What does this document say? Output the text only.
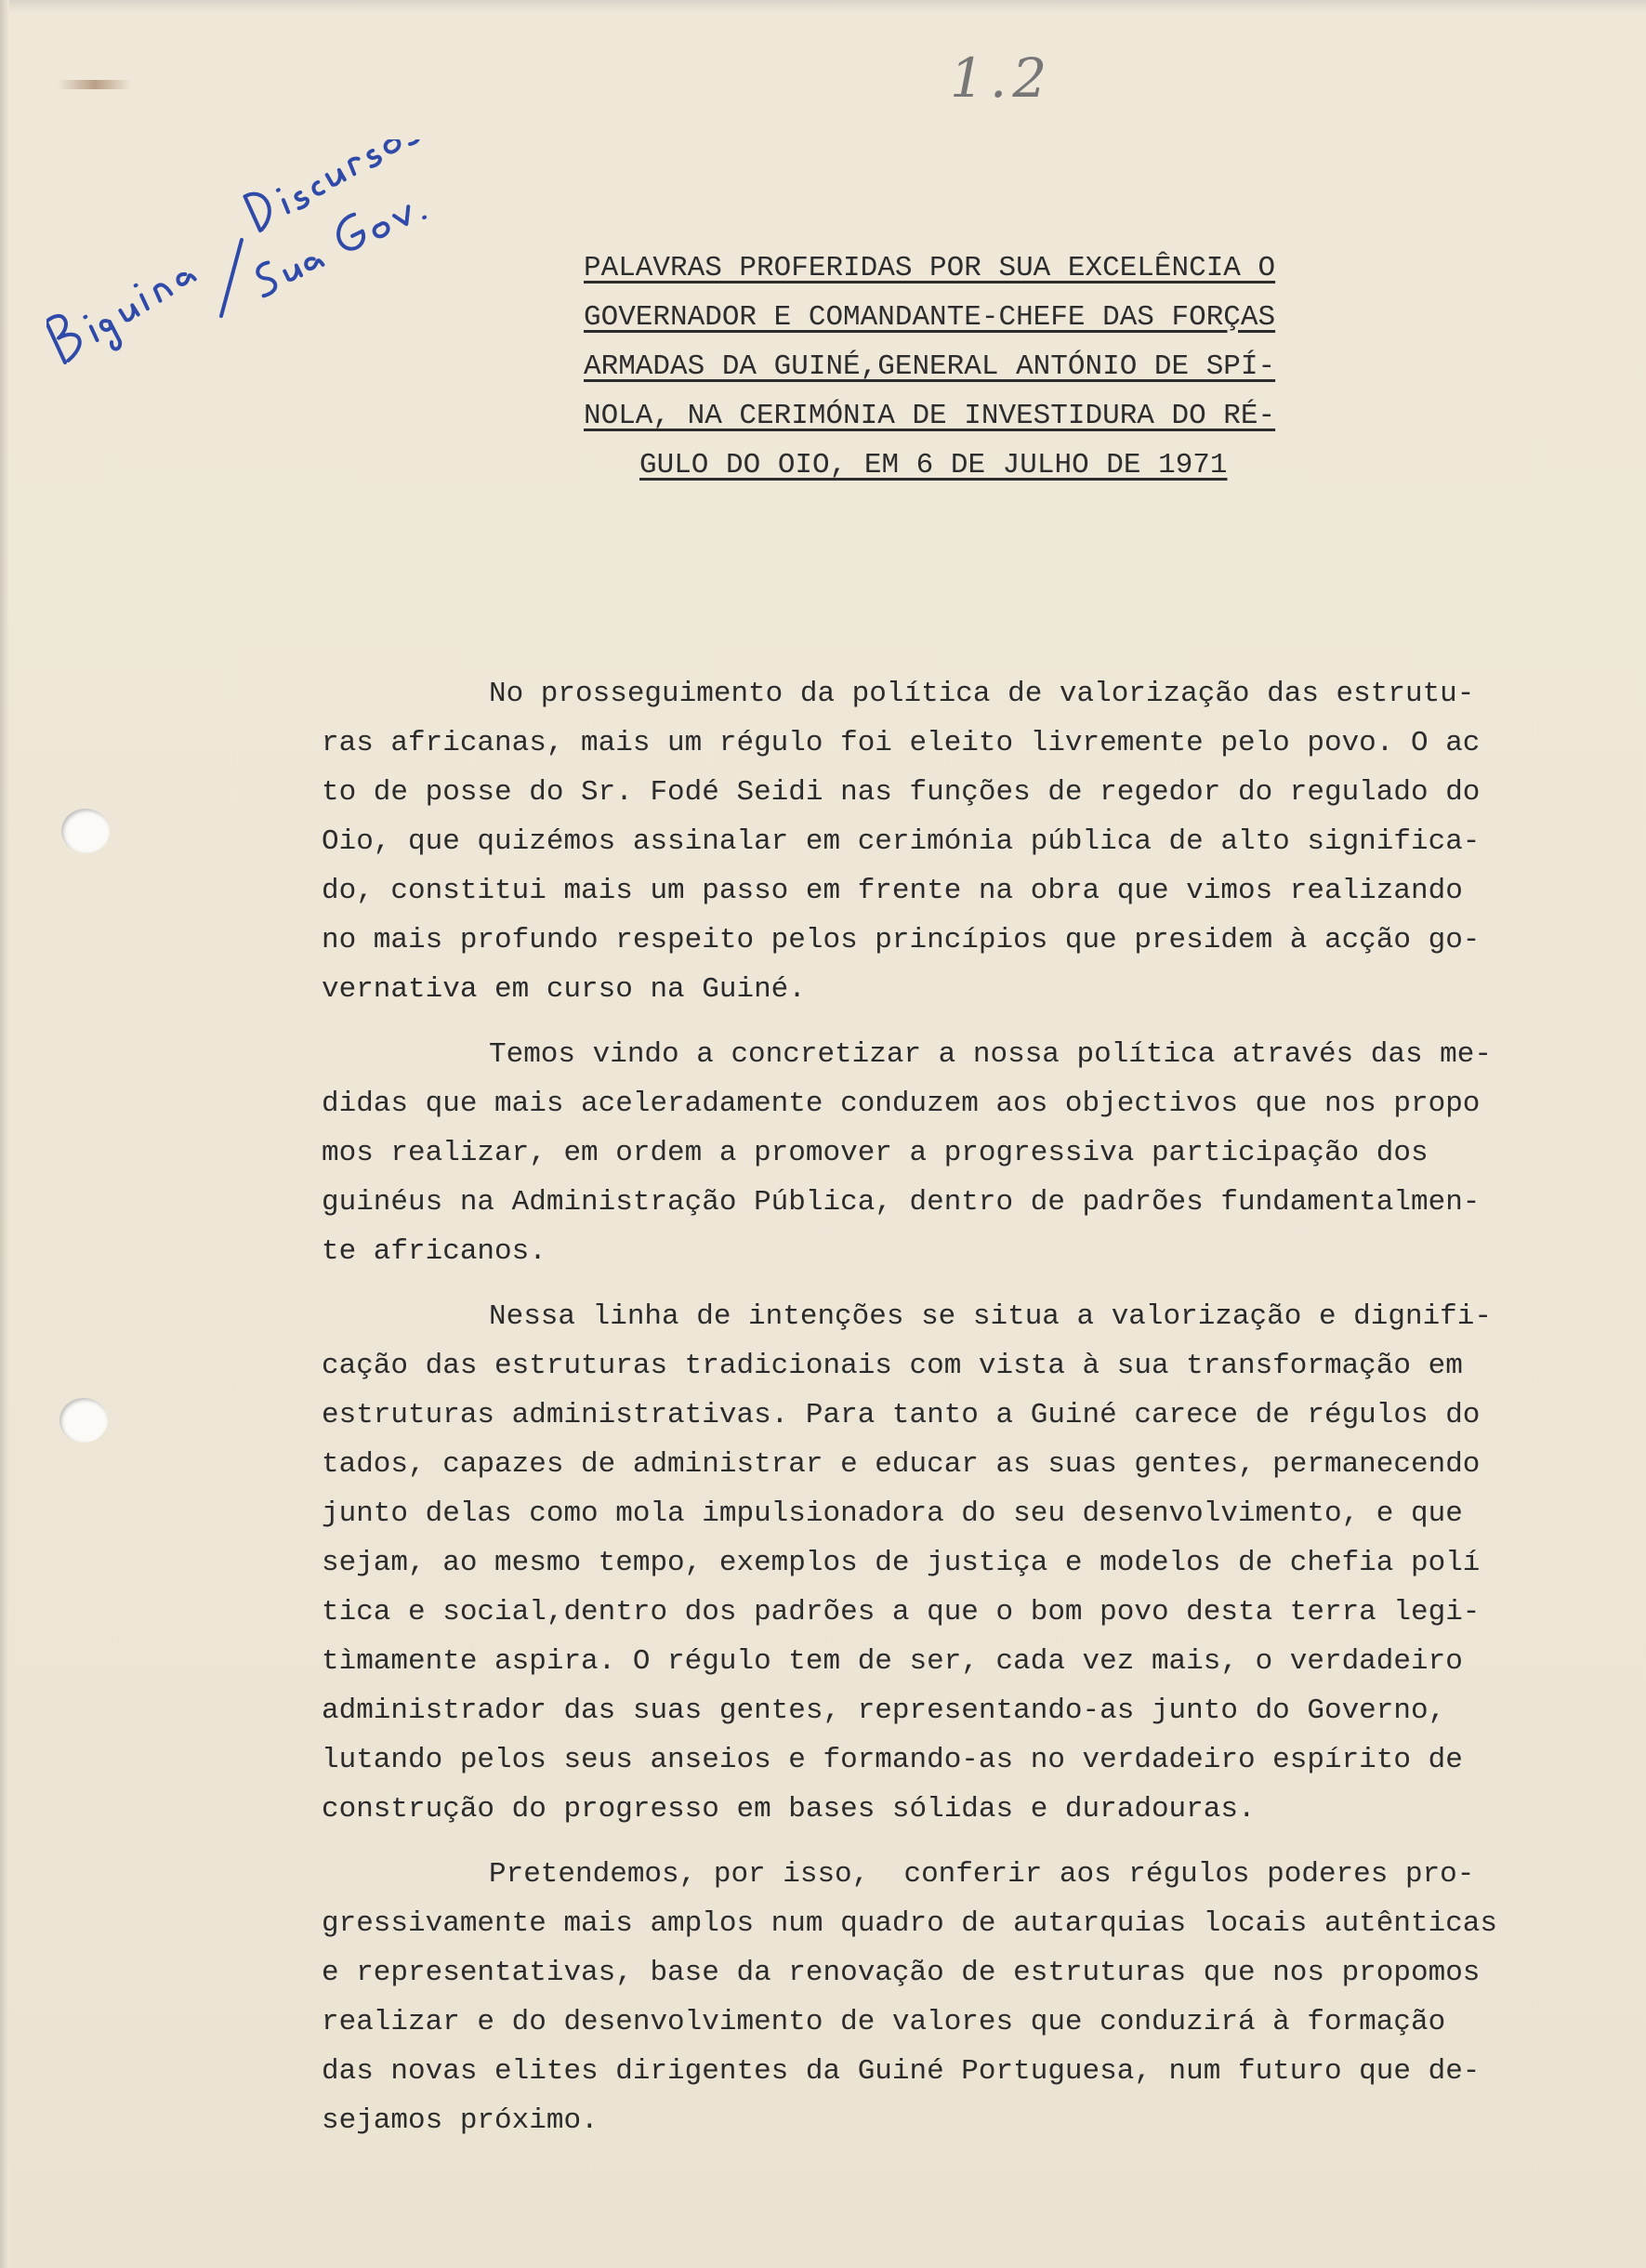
1.2
PALAVRAS PROFERIDAS POR SUA EXCELÊNCIA O
GOVERNADOR E COMANDANTE-CHEFE DAS FORÇAS
ARMADAS DA GUINÉ,GENERAL ANTÓNIO DE SPÍ-
NOLA, NA CERIMÓNIA DE INVESTIDURA DO RÉ-
GULO DO OIO, EM 6 DE JULHO DE 1971
No prosseguimento da política de valorização das estrutu-
ras africanas, mais um régulo foi eleito livremente pelo povo. O ac
to de posse do Sr. Fodé Seidi nas funções de regedor do regulado do
Oio, que quizémos assinalar em cerimónia pública de alto significa-
do, constitui mais um passo em frente na obra que vimos realizando
no mais profundo respeito pelos princípios que presidem à acção go-
vernativa em curso na Guiné.
Temos vindo a concretizar a nossa política através das me-
didas que mais aceleradamente conduzem aos objectivos que nos propo
mos realizar, em ordem a promover a progressiva participação dos
guinéus na Administração Pública, dentro de padrões fundamentalmen-
te africanos.
Nessa linha de intenções se situa a valorização e dignifi-
cação das estruturas tradicionais com vista à sua transformação em
estruturas administrativas. Para tanto a Guiné carece de régulos do
tados, capazes de administrar e educar as suas gentes, permanecendo
junto delas como mola impulsionadora do seu desenvolvimento, e que
sejam, ao mesmo tempo, exemplos de justiça e modelos de chefia polí
tica e social,dentro dos padrões a que o bom povo desta terra legi-
tìmamente aspira. O régulo tem de ser, cada vez mais, o verdadeiro
administrador das suas gentes, representando-as junto do Governo,
lutando pelos seus anseios e formando-as no verdadeiro espírito de
construção do progresso em bases sólidas e duradouras.
Pretendemos, por isso,  conferir aos régulos poderes pro-
gressivamente mais amplos num quadro de autarquias locais autênticas
e representativas, base da renovação de estruturas que nos propomos
realizar e do desenvolvimento de valores que conduzirá à formação
das novas elites dirigentes da Guiné Portuguesa, num futuro que de-
sejamos próximo.
